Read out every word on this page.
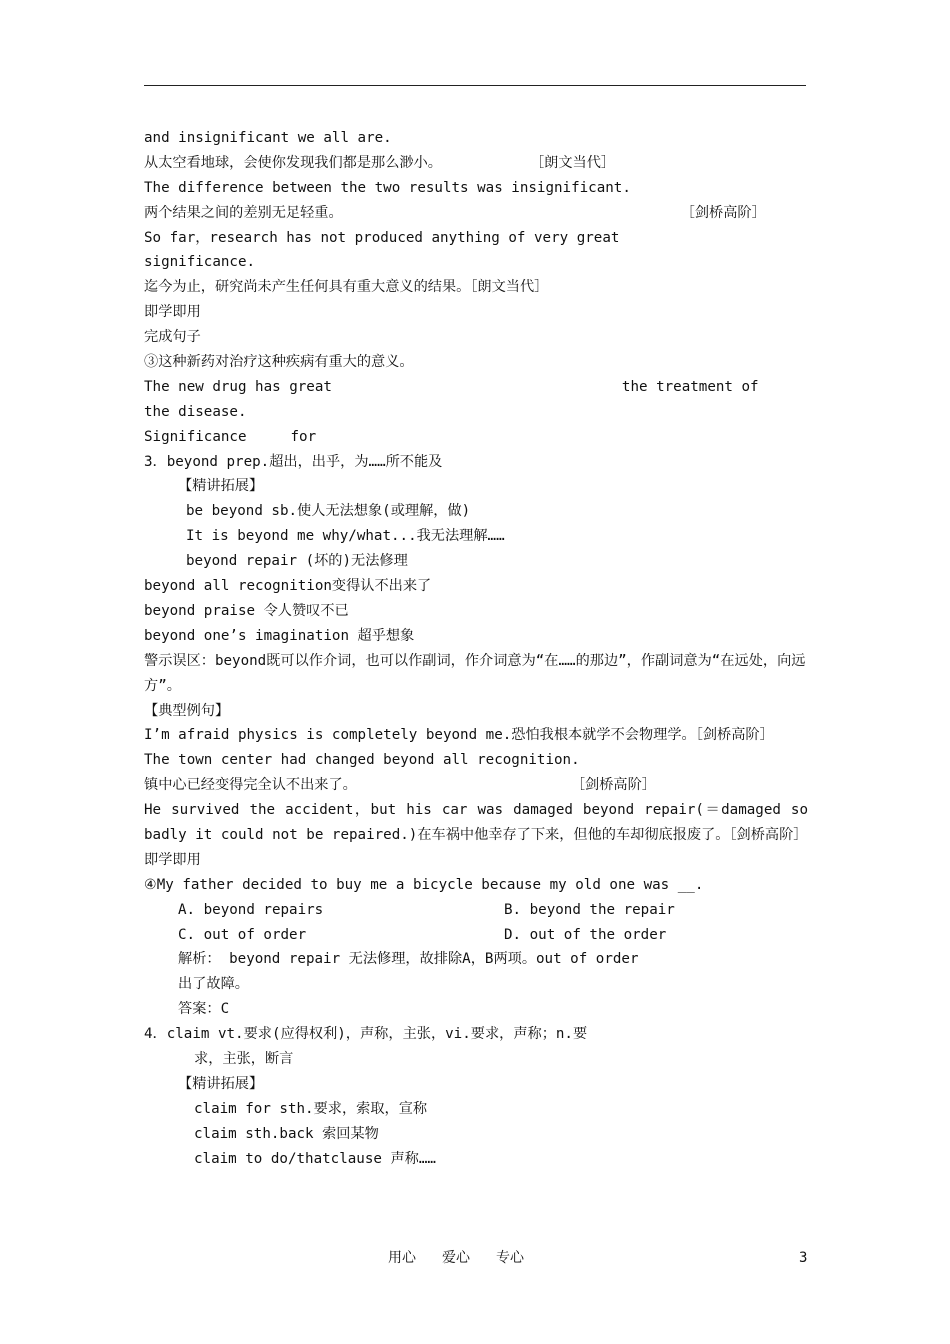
and insignificant we all are.
从太空看地球，会使你发现我们都是那么渺小。	［朗文当代］
The difference between the two results was insignificant.
两个结果之间的差别无足轻重。	［剑桥高阶］
So far，research has not produced anything of very great
significance.
迄今为止，研究尚未产生任何具有重大意义的结果。［朗文当代］
即学即用
完成句子
③这种新药对治疗这种疾病有重大的意义。
The new drug has great	the treatment of
the disease.
Significance	for
3．beyond prep.超出，出乎，为……所不能及
【精讲拓展】
be beyond sb.使人无法想象(或理解，做)
It is beyond me why/what...我无法理解……
beyond repair (坏的)无法修理
beyond all recognition变得认不出来了
beyond praise 令人赞叹不已
beyond one’s imagination 超乎想象
警示误区：beyond既可以作介词，也可以作副词，作介词意为“在……的那边”，作副词意为“在远处，向远方”。
【典型例句】
I’m afraid physics is completely beyond me.恐怕我根本就学不会物理学。［剑桥高阶］
The town center had changed beyond all recognition.
镇中心已经变得完全认不出来了。	［剑桥高阶］
He survived the accident，but his car was damaged beyond repair(＝damaged so badly it could not be repaired.)在车祸中他幸存了下来，但他的车却彻底报废了。［剑桥高阶］
即学即用
④My father decided to buy me a bicycle because my old one was __.
A. beyond repairs	B. beyond the repair
C. out of order	D. out of the order
解析： beyond repair 无法修理，故排除A，B两项。out of order
出了故障。
答案：C
4．claim vt.要求(应得权利)，声称，主张，vi.要求，声称；n.要
求，主张，断言
【精讲拓展】
claim for sth.要求，索取，宣称
claim sth.back 索回某物
claim to do/thatclause 声称……
用心 爱心 专心	3
